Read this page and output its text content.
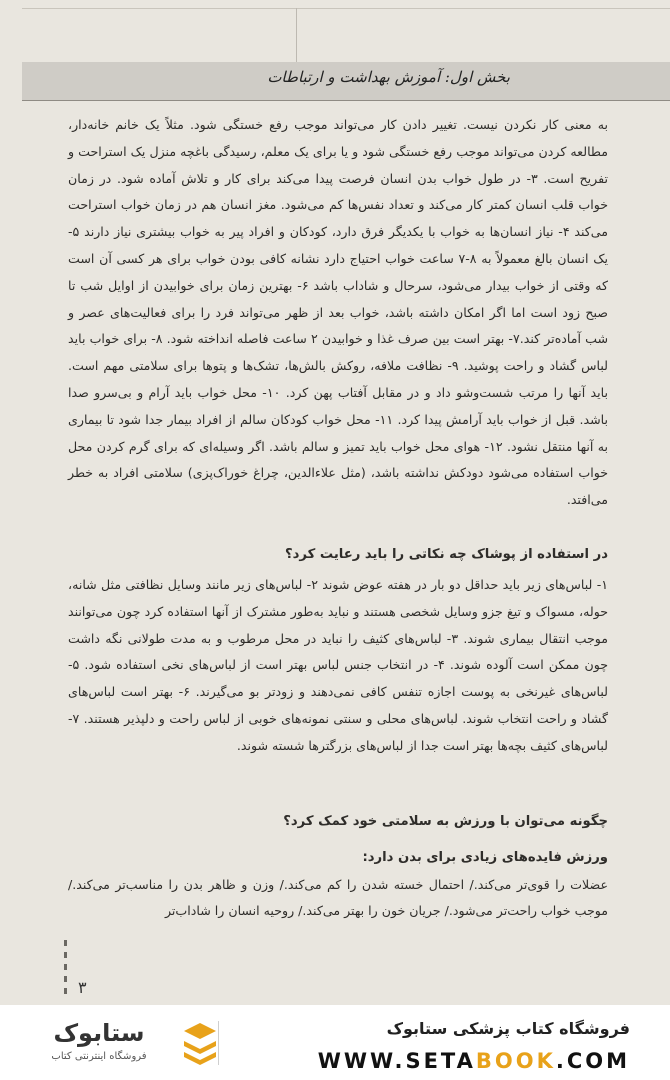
بخش اول: آموزش بهداشت و ارتباطات

به معنی کار نکردن نیست. تغییر دادن کار می‌تواند موجب رفع خستگی شود. مثلاً یک خانم خانه‌دار، مطالعه کردن می‌تواند موجب رفع خستگی شود و یا برای یک معلم، رسیدگی باغچه منزل یک استراحت و تفریح است. ۳- در طول خواب بدن انسان فرصت پیدا می‌کند برای کار و تلاش آماده شود. در زمان خواب قلب انسان کمتر کار می‌کند و تعداد نفس‌ها کم می‌شود. مغز انسان هم در زمان خواب استراحت می‌کند ۴- نیاز انسان‌ها به خواب با یکدیگر فرق دارد، کودکان و افراد پیر به خواب بیشتری نیاز دارند ۵- یک انسان بالغ معمولاً به ۸-۷ ساعت خواب احتیاج دارد نشانه کافی بودن خواب برای هر کسی آن است که وقتی از خواب بیدار می‌شود، سرحال و شاداب باشد ۶- بهترین زمان برای خوابیدن از اوایل شب تا صبح زود است اما اگر امکان داشته باشد، خواب بعد از ظهر می‌تواند فرد را برای فعالیت‌های عصر و شب آماده‌تر کند.۷- بهتر است بین صرف غذا و خوابیدن ۲ ساعت فاصله انداخته شود. ۸- برای خواب باید لباس گشاد و راحت پوشید. ۹- نظافت ملافه، روکش بالش‌ها، تشک‌ها و پتوها برای سلامتی مهم است. باید آنها را مرتب شست‌وشو داد و در مقابل آفتاب پهن کرد. ۱۰- محل خواب باید آرام و بی‌سرو صدا باشد. قبل از خواب باید آرامش پیدا کرد. ۱۱- محل خواب کودکان سالم از افراد بیمار جدا شود تا بیماری به آنها منتقل نشود. ۱۲- هوای محل خواب باید تمیز و سالم باشد. اگر وسیله‌ای که برای گرم کردن محل خواب استفاده می‌شود دودکش نداشته باشد، (مثل علاءالدین، چراغ خوراک‌پزی) سلامتی افراد به خطر می‌افتد.

در استفاده از پوشاک چه نکاتی را باید رعایت کرد؟

۱- لباس‌های زیر باید حداقل دو بار در هفته عوض شوند ۲- لباس‌های زیر مانند وسایل نظافتی مثل شانه، حوله، مسواک و تیغ جزو وسایل شخصی هستند و نباید به‌طور مشترک از آنها استفاده کرد چون می‌توانند موجب انتقال بیماری شوند. ۳- لباس‌های کثیف را نباید در محل مرطوب و به مدت طولانی نگه داشت چون ممکن است آلوده شوند. ۴- در انتخاب جنس لباس بهتر است از لباس‌های نخی استفاده شود. ۵- لباس‌های غیرنخی به پوست اجازه تنفس کافی نمی‌دهند و زودتر بو می‌گیرند. ۶- بهتر است لباس‌های گشاد و راحت انتخاب شوند. لباس‌های محلی و سنتی نمونه‌های خوبی از لباس راحت و دلپذیر هستند. ۷- لباس‌های کثیف بچه‌ها بهتر است جدا از لباس‌های بزرگترها شسته شوند.

چگونه می‌توان با ورزش به سلامتی خود کمک کرد؟

ورزش فایده‌های زیادی برای بدن دارد:

عضلات را قوی‌تر می‌کند./ احتمال خسته شدن را کم می‌کند./ وزن و ظاهر بدن را مناسب‌تر می‌کند./ موجب خواب راحت‌تر می‌شود./ جریان خون را بهتر می‌کند./ روحیه انسان را شاداب‌تر

۳
ستابوک
فروشگاه اینترنتی کتاب
فروشگاه کتاب پزشکی ستابوک
WWW.SETABOOK.COM
